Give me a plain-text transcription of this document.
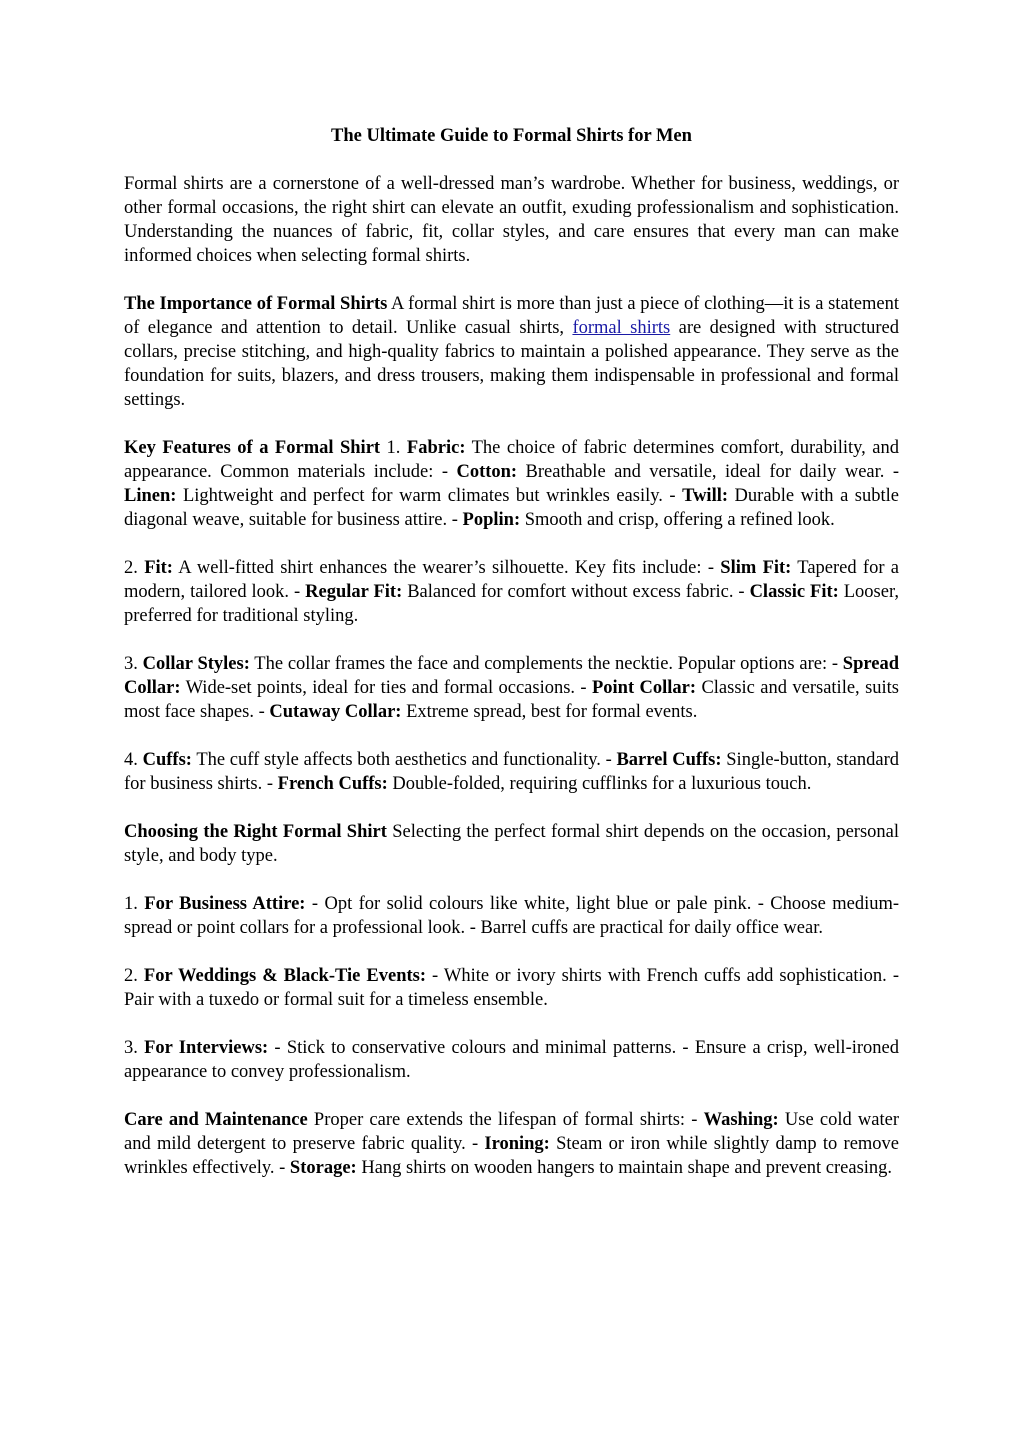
The Ultimate Guide to Formal Shirts for Men

Formal shirts are a cornerstone of a well-dressed man’s wardrobe. Whether for business, weddings, or other formal occasions, the right shirt can elevate an outfit, exuding professionalism and sophistication. Understanding the nuances of fabric, fit, collar styles, and care ensures that every man can make informed choices when selecting formal shirts.

The Importance of Formal Shirts A formal shirt is more than just a piece of clothing—it is a statement of elegance and attention to detail. Unlike casual shirts, formal shirts are designed with structured collars, precise stitching, and high-quality fabrics to maintain a polished appearance. They serve as the foundation for suits, blazers, and dress trousers, making them indispensable in professional and formal settings.

Key Features of a Formal Shirt 1. Fabric: The choice of fabric determines comfort, durability, and appearance. Common materials include: - Cotton: Breathable and versatile, ideal for daily wear. - Linen: Lightweight and perfect for warm climates but wrinkles easily. - Twill: Durable with a subtle diagonal weave, suitable for business attire. - Poplin: Smooth and crisp, offering a refined look.

2. Fit: A well-fitted shirt enhances the wearer’s silhouette. Key fits include: - Slim Fit: Tapered for a modern, tailored look. - Regular Fit: Balanced for comfort without excess fabric. - Classic Fit: Looser, preferred for traditional styling.

3. Collar Styles: The collar frames the face and complements the necktie. Popular options are: - Spread Collar: Wide-set points, ideal for ties and formal occasions. - Point Collar: Classic and versatile, suits most face shapes. - Cutaway Collar: Extreme spread, best for formal events.

4. Cuffs: The cuff style affects both aesthetics and functionality. - Barrel Cuffs: Single-button, standard for business shirts. - French Cuffs: Double-folded, requiring cufflinks for a luxurious touch.

Choosing the Right Formal Shirt Selecting the perfect formal shirt depends on the occasion, personal style, and body type.

1. For Business Attire: - Opt for solid colours like white, light blue or pale pink. - Choose medium-spread or point collars for a professional look. - Barrel cuffs are practical for daily office wear.

2. For Weddings & Black-Tie Events: - White or ivory shirts with French cuffs add sophistication. - Pair with a tuxedo or formal suit for a timeless ensemble.

3. For Interviews: - Stick to conservative colours and minimal patterns. - Ensure a crisp, well-ironed appearance to convey professionalism.

Care and Maintenance Proper care extends the lifespan of formal shirts: - Washing: Use cold water and mild detergent to preserve fabric quality. - Ironing: Steam or iron while slightly damp to remove wrinkles effectively. - Storage: Hang shirts on wooden hangers to maintain shape and prevent creasing.
